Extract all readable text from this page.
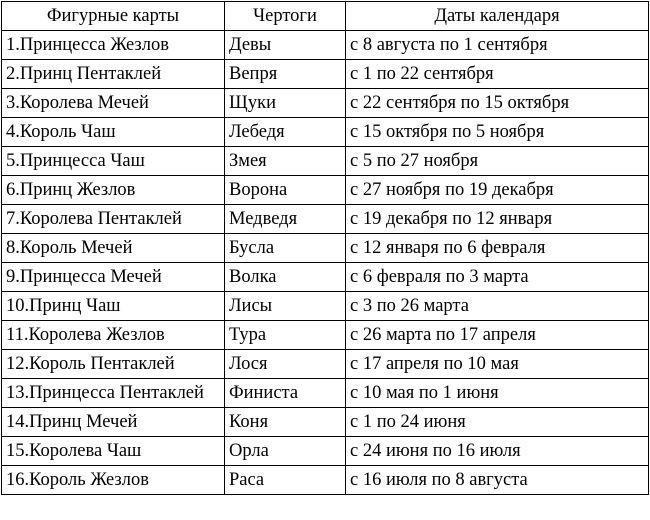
Фигурные карты	Чертоги	Даты календаря
1.Принцесса Жезлов	Девы	с 8 августа по 1 сентября
2.Принц Пентаклей	Вепря	с 1 по 22 сентября
3.Королева Мечей	Щуки	с 22 сентября по 15 октября
4.Король Чаш	Лебедя	с 15 октября по 5 ноября
5.Принцесса Чаш	Змея	с 5 по 27 ноября
6.Принц Жезлов	Ворона	с 27 ноября по 19 декабря
7.Королева Пентаклей	Медведя	с 19 декабря по 12 января
8.Король Мечей	Бусла	с 12 января по 6 февраля
9.Принцесса Мечей	Волка	с 6 февраля по 3 марта
10.Принц Чаш	Лисы	с 3 по 26 марта
11.Королева Жезлов	Тура	с 26 марта по 17 апреля
12.Король Пентаклей	Лося	с 17 апреля по 10 мая
13.Принцесса Пентаклей	Финиста	с 10 мая по 1 июня
14.Принц Мечей	Коня	с 1 по 24 июня
15.Королева Чаш	Орла	с 24 июня по 16 июля
16.Король Жезлов	Раса	с 16 июля по 8 августа
